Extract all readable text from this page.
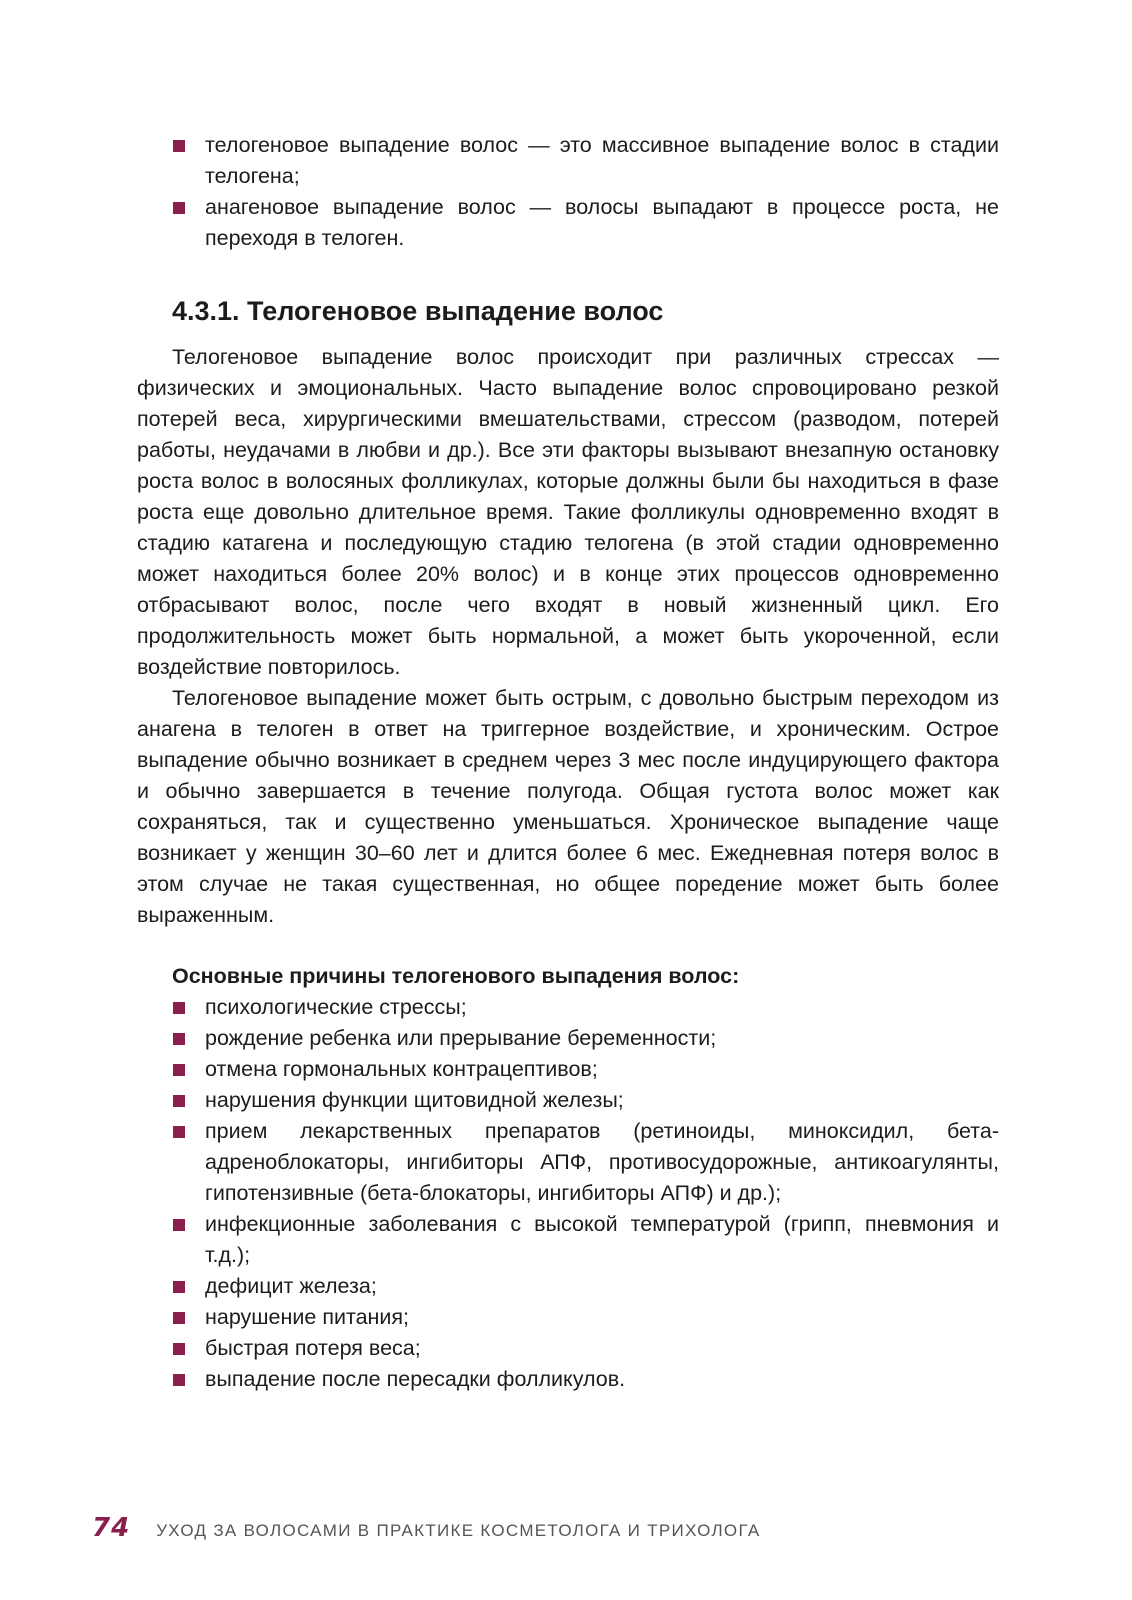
телогеновое выпадение волос — это массивное выпадение волос в стадии телогена;
анагеновое выпадение волос — волосы выпадают в процессе роста, не переходя в телоген.
4.3.1. Телогеновое выпадение волос

Телогеновое выпадение волос происходит при различных стрессах — физических и эмоциональных. Часто выпадение волос спровоцировано резкой потерей веса, хирургическими вмешательствами, стрессом (разводом, потерей работы, неудачами в любви и др.). Все эти факторы вызывают внезапную остановку роста волос в волосяных фолликулах, которые должны были бы находиться в фазе роста еще довольно длительное время. Такие фолликулы одновременно входят в стадию катагена и последующую стадию телогена (в этой стадии одновременно может находиться более 20% волос) и в конце этих процессов одновременно отбрасывают волос, после чего входят в новый жизненный цикл. Его продолжительность может быть нормальной, а может быть укороченной, если воздействие повторилось.

Телогеновое выпадение может быть острым, с довольно быстрым переходом из анагена в телоген в ответ на триггерное воздействие, и хроническим. Острое выпадение обычно возникает в среднем через 3 мес после индуцирующего фактора и обычно завершается в течение полугода. Общая густота волос может как сохраняться, так и существенно уменьшаться. Хроническое выпадение чаще возникает у женщин 30–60 лет и длится более 6 мес. Ежедневная потеря волос в этом случае не такая существенная, но общее поредение может быть более выраженным.

Основные причины телогенового выпадения волос:
психологические стрессы;
рождение ребенка или прерывание беременности;
отмена гормональных контрацептивов;
нарушения функции щитовидной железы;
прием лекарственных препаратов (ретиноиды, миноксидил, бета-адреноблокаторы, ингибиторы АПФ, противосудорожные, антикоагулянты, гипотензивные (бета-блокаторы, ингибиторы АПФ) и др.);
инфекционные заболевания с высокой температурой (грипп, пневмония и т.д.);
дефицит железа;
нарушение питания;
быстрая потеря веса;
выпадение после пересадки фолликулов.
74 УХОД ЗА ВОЛОСАМИ В ПРАКТИКЕ КОСМЕТОЛОГА И ТРИХОЛОГА
